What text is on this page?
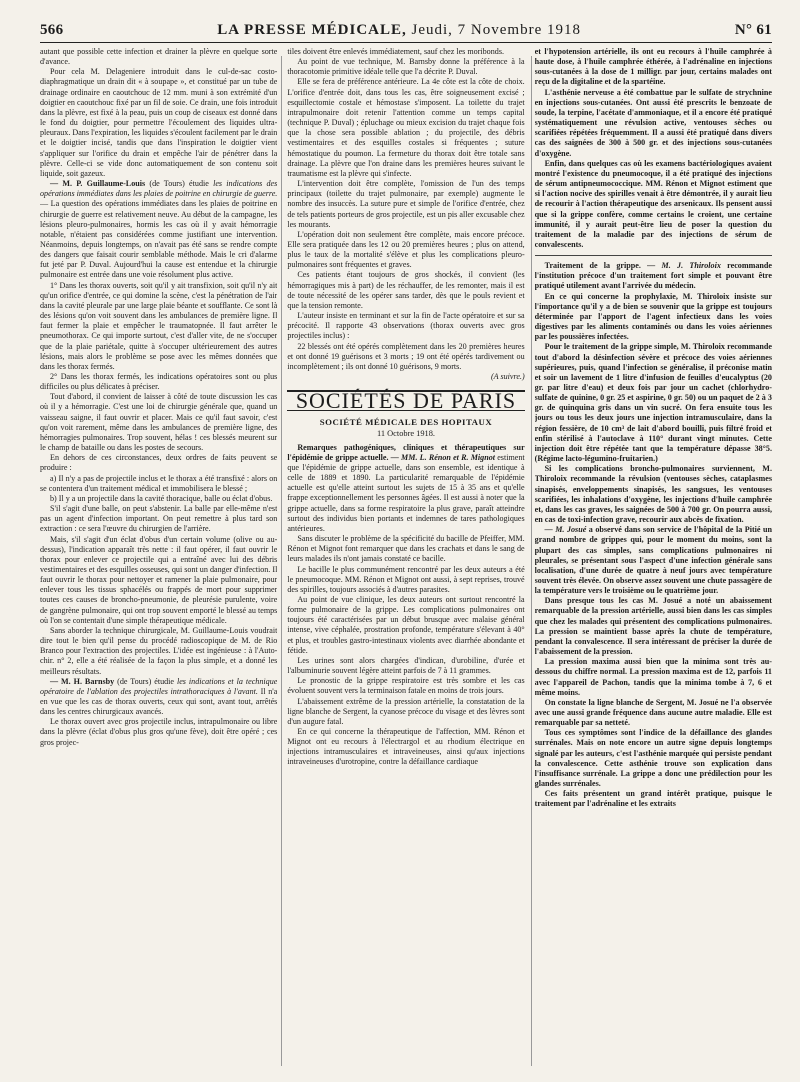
566	LA PRESSE MÉDICALE, Jeudi, 7 Novembre 1918	N° 61

autant que possible cette infection et drainer la plèvre en quelque sorte d'avance.

Pour cela M. Delageniere introduit dans le cul-de-sac costo-diaphragmatique un drain dit « à soupape », et constitué par un tube de drainage ordinaire en caoutchouc de 12 mm. muni à son extrémité d'un doigtier en caoutchouc fixé par un fil de soie. Ce drain, une fois introduit dans la plèvre, est fixé à la peau, puis un coup de ciseaux est donné dans le fond du doigtier, pour permettre l'écoulement des liquides ultra-pleuraux. Dans l'expiration, les liquides s'écoulent facilement par le drain et le doigtier incisé, tandis que dans l'inspiration le doigtier vient s'appliquer sur l'orifice du drain et empêche l'air de pénétrer dans la plèvre. Celle-ci se vide donc automatiquement de son contenu soit liquide, soit gazeux.

— M. P. Guillaume-Louis (de Tours) étudie les indications des opérations immédiates dans les plaies de poitrine en chirurgie de guerre. — La question des opérations immédiates dans les plaies de poitrine en chirurgie de guerre est relativement neuve. Au début de la campagne, les lésions pleuro-pulmonaires, hormis les cas où il y avait hémorragie notable, n'étaient pas considérées comme justifiant une intervention. Néanmoins, depuis longtemps, on n'avait pas été sans se rendre compte des dangers que faisait courir semblable méthode. Mais le cri d'alarme fut jeté par P. Duval. Aujourd'hui la cause est entendue et la chirurgie pulmonaire est entrée dans une voie résolument plus active.

1° Dans les thorax ouverts, soit qu'il y ait transfixion, soit qu'il n'y ait qu'un orifice d'entrée, ce qui domine la scène, c'est la pénétration de l'air dans la cavité pleurale par une large plaie béante et soufflante. Ce sont là des lésions qu'on voit souvent dans les ambulances de première ligne. Il faut fermer la plaie et empêcher le traumatopnée. Il faut arrêter le pneumothorax. Ce qui importe surtout, c'est d'aller vite, de ne s'occuper que de la plaie pariétale, quitte à s'occuper ultérieurement des autres lésions, mais alors le problème se pose avec les mêmes données que dans les thorax fermés.

2° Dans les thorax fermés, les indications opératoires sont ou plus difficiles ou plus délicates à préciser.

Tout d'abord, il convient de laisser à côté de toute discussion les cas où il y a hémorragie. C'est une loi de chirurgie générale que, quand un vaisseau saigne, il faut ouvrir et placer. Mais ce qu'il faut savoir, c'est qu'on voit rarement, même dans les ambulances de première ligne, des hémorragies pulmonaires. Trop souvent, hélas ! ces blessés meurent sur le champ de bataille ou dans les postes de secours.

En dehors de ces circonstances, deux ordres de faits peuvent se produire :

a) Il n'y a pas de projectile inclus et le thorax a été transfixé : alors on se contentera d'un traitement médical et immobilisera le blessé ;

b) Il y a un projectile dans la cavité thoracique, balle ou éclat d'obus.

S'il s'agit d'une balle, on peut s'abstenir. La balle par elle-même n'est pas un agent d'infection important. On peut remettre à plus tard son extraction : ce sera l'œuvre du chirurgien de l'arrière.

Mais, s'il s'agit d'un éclat d'obus d'un certain volume (olive ou au-dessus), l'indication apparaît très nette : il faut opérer, il faut ouvrir le thorax pour enlever ce projectile qui a entraîné avec lui des débris vestimentaires et des esquilles osseuses, qui sont un danger d'infection. Il faut ouvrir le thorax pour nettoyer et ramener la plaie pulmonaire, pour enlever tous les tissus sphacélés ou frappés de mort pour supprimer toutes ces causes de broncho-pneumonie, de pleurésie purulente, voire de gangrène pulmonaire, qui ont trop souvent emporté le blessé au temps où l'on se contentait d'une simple thérapeutique médicale.

Sans aborder la technique chirurgicale, M. Guillaume-Louis voudrait dire tout le bien qu'il pense du procédé radioscopique de M. de Rio Branco pour l'extraction des projectiles. L'idée est ingénieuse : à l'Auto-chir. n° 2, elle a été réalisée de la façon la plus simple, et a donné les meilleurs résultats.

— M. H. Barnsby (de Tours) étudie les indications et la technique opératoire de l'ablation des projectiles intrathoraciques à l'avant. Il n'a en vue que les cas de thorax ouverts, ceux qui sont, avant tout, arrêtés dans les centres chirurgicaux avancés.

Le thorax ouvert avec gros projectile inclus, intrapulmonaire ou libre dans la plèvre (éclat d'obus plus gros qu'une fève), doit être opéré ; ces gros projec-

tiles doivent être enlevés immédiatement, sauf chez les moribonds.

Au point de vue technique, M. Barnsby donne la préférence à la thoracotomie primitive idéale telle que l'a décrite P. Duval.

Elle se fera de préférence antérieure. La 4e côte est la côte de choix. L'orifice d'entrée doit, dans tous les cas, être soigneusement excisé ; esquillectomie costale et hémostase s'imposent. La toilette du trajet intrapulmonaire doit retenir l'attention comme un temps capital (technique P. Duval) ; épluchage ou mieux excision du trajet chaque fois que la chose sera possible ablation ; du projectile, des débris vestimentaires et des esquilles costales si fréquentes ; suture hémostatique du poumon. La fermeture du thorax doit être totale sans drainage. La plèvre que l'on draine dans les premières heures suivant le traumatisme est la plèvre qui s'infecte.

L'intervention doit être complète, l'omission de l'un des temps principaux (toilette du trajet pulmonaire, par exemple) augmente le nombre des insuccès. La suture pure et simple de l'orifice d'entrée, chez de tels patients porteurs de gros projectile, est un pis aller excusable chez les mourants.

L'opération doit non seulement être complète, mais encore précoce. Elle sera pratiquée dans les 12 ou 20 premières heures ; plus on attend, plus le taux de la mortalité s'élève et plus les complications pleuro-pulmonaires sont fréquentes et graves.

Ces patients étant toujours de gros shockés, il convient (les hémorragiques mis à part) de les réchauffer, de les remonter, mais il est de toute nécessité de les opérer sans tarder, dès que le pouls revient et que la tension remonte.

L'auteur insiste en terminant et sur la fin de l'acte opératoire et sur sa précocité. Il rapporte 43 observations (thorax ouverts avec gros projectiles inclus) :

22 blessés ont été opérés complètement dans les 20 premières heures et ont donné 19 guérisons et 3 morts ; 19 ont été opérés tardivement ou incomplètement ; ils ont donné 10 guérisons, 9 morts.

(A suivre.)

SOCIÉTÉS DE PARIS
SOCIÉTÉ MÉDICALE DES HOPITAUX
11 Octobre 1918.

Remarques pathogéniques, cliniques et thérapeutiques sur l'épidémie de grippe actuelle. — MM. L. Rénon et R. Mignot estiment que l'épidémie de grippe actuelle, dans son ensemble, est identique à celle de 1889 et 1890. La particularité remarquable de l'épidémie actuelle est qu'elle atteint surtout les sujets de 15 à 35 ans et qu'elle frappe exceptionnellement les personnes âgées. Il est aussi à noter que la grippe actuelle, dans sa forme respiratoire la plus grave, paraît atteindre surtout des individus bien portants et indemnes de tares pathologiques antérieures.

Sans discuter le problème de la spécificité du bacille de Pfeiffer, MM. Rénon et Mignot font remarquer que dans les crachats et dans le sang de leurs malades ils n'ont jamais constaté ce bacille.

Le bacille le plus communément rencontré par les deux auteurs a été le pneumocoque. MM. Rénon et Mignot ont aussi, à sept reprises, trouvé des spirilles, toujours associés à d'autres parasites.

Au point de vue clinique, les deux auteurs ont surtout rencontré la forme pulmonaire de la grippe. Les complications pulmonaires ont toujours été caractérisées par un début brusque avec malaise général intense, vive céphalée, prostration profonde, température s'élevant à 40° et plus, et troubles gastro-intestinaux violents avec diarrhée abondante et fétide.

Les urines sont alors chargées d'indican, d'urobiline, d'urée et l'albuminurie souvent légère atteint parfois de 7 à 11 grammes.

Le pronostic de la grippe respiratoire est très sombre et les cas évoluent souvent vers la terminaison fatale en moins de trois jours.

L'abaissement extrême de la pression artérielle, la constatation de la ligne blanche de Sergent, la cyanose précoce du visage et des lèvres sont d'un augure fatal.

En ce qui concerne la thérapeutique de l'affection, MM. Rénon et Mignot ont eu recours à l'électrargol et au rhodium électrique en injections intramusculaires et intraveineuses, ainsi qu'aux injections intraveineuses d'urotropine, contre la défaillance cardiaque

et l'hypotension artérielle, ils ont eu recours à l'huile camphrée à haute dose, à l'huile camphrée éthérée, à l'adrénaline en injections sous-cutanées à la dose de 1 milligr. par jour, certains malades ont reçu de la digitaline et de la spartéine.

L'asthénie nerveuse a été combattue par le sulfate de strychnine en injections sous-cutanées. Ont aussi été prescrits le benzoate de soude, la terpine, l'acétate d'ammoniaque, et il a encore été pratiqué systématiquement une révulsion active, ventouses sèches ou scarifiées répétées fréquemment. Il a aussi été pratiqué dans divers cas des saignées de 300 à 500 gr. et des injections sous-cutanées d'oxygène.

Enfin, dans quelques cas où les examens bactériologiques avaient montré l'existence du pneumocoque, il a été pratiqué des injections de sérum antipneumococcique. MM. Rénon et Mignot estiment que si l'action nocive des spirilles venait à être démontrée, il y aurait lieu de recourir à l'action thérapeutique des arsenicaux. Ils pensent aussi que si la grippe confère, comme certains le croient, une certaine immunité, il y aurait peut-être lieu de poser la question du traitement de la maladie par des injections de sérum de convalescents.

Traitement de la grippe. — M. J. Thiroloix recommande l'institution précoce d'un traitement fort simple et pouvant être pratiqué utilement avant l'arrivée du médecin.

En ce qui concerne la prophylaxie, M. Thiroloix insiste sur l'importance qu'il y a de bien se souvenir que la grippe est toujours déterminée par l'apport de l'agent infectieux dans les voies digestives par les aliments contaminés ou dans les voies aériennes par les poussières infectées.

Pour le traitement de la grippe simple, M. Thiroloix recommande tout d'abord la désinfection sévère et précoce des voies aériennes supérieures, puis, quand l'infection se généralise, il préconise matin et soir un lavement de 1 litre d'infusion de feuilles d'eucalyptus (20 gr. par litre d'eau) et deux fois par jour un cachet (chlorhydro-sulfate de quinine, 0 gr. 25 et aspirine, 0 gr. 50) ou un paquet de 2 à 3 gr. de quinquina gris dans un vin sucré. On fera ensuite tous les jours ou tous les deux jours une injection intramusculaire, dans la région fessière, de 10 cm³ de lait d'abord bouilli, puis filtré froid et enfin stérilisé à l'autoclave à 110° durant vingt minutes. Cette injection doit être répétée tant que la température dépasse 38°5. (Régime lacto-légumino-fruitarien.)

Si les complications broncho-pulmonaires surviennent, M. Thiroloix recommande la révulsion (ventouses sèches, cataplasmes sinapisés, enveloppements sinapisés, les sangsues, les ventouses scarifiées, les inhalations d'oxygène, les injections d'huile camphrée et, dans les cas graves, les saignées de 500 à 700 gr. On pourra aussi, en cas de toxi-infection grave, recourir aux abcès de fixation.

— M. Josué a observé dans son service de l'hôpital de la Pitié un grand nombre de grippes qui, pour le moment du moins, sont la plupart des cas simples, sans complications pulmonaires ni pleurales, se présentant sous l'aspect d'une infection générale sans localisation, d'une durée de quatre à neuf jours avec température souvent très élevée. On observe assez souvent une chute passagère de la température vers le troisième ou le quatrième jour.

Dans presque tous les cas M. Josué a noté un abaissement remarquable de la pression artérielle, aussi bien dans les cas simples que chez les malades qui présentent des complications pulmonaires. La pression se maintient basse après la chute de température, pendant la convalescence. Il sera intéressant de préciser la durée de l'abaissement de la pression.

La pression maxima aussi bien que la minima sont très au-dessous du chiffre normal. La pression maxima est de 12, parfois 11 avec l'appareil de Pachon, tandis que la minima tombe à 7, 6 et même moins.

On constate la ligne blanche de Sergent, M. Josué ne l'a observée avec une aussi grande fréquence dans aucune autre maladie. Elle est remarquable par sa netteté.

Tous ces symptômes sont l'indice de la défaillance des glandes surrénales. Mais on note encore un autre signe depuis longtemps signalé par les auteurs, c'est l'asthénie marquée qui persiste pendant la convalescence. Cette asthénie trouve son explication dans l'insuffisance surrénale. La grippe a donc une prédilection pour les glandes surrénales.

Ces faits présentent un grand intérêt pratique, puisque le traitement par l'adrénaline et les extraits
